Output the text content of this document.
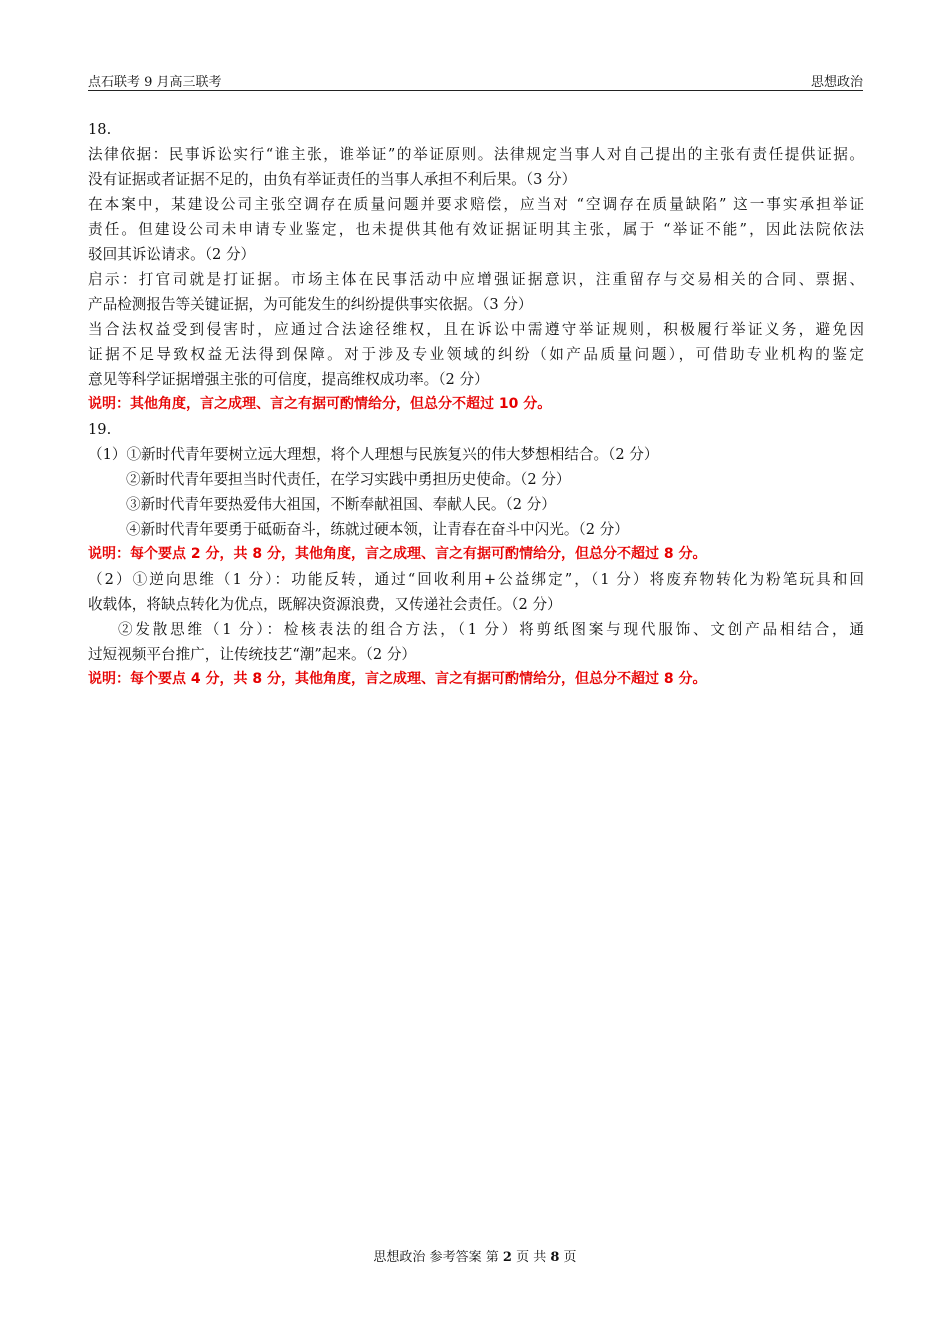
点石联考 9 月高三联考	思想政治
18.
法律依据：民事诉讼实行“谁主张，谁举证”的举证原则。法律规定当事人对自己提出的主张有责任提供证据。
没有证据或者证据不足的，由负有举证责任的当事人承担不利后果。（3 分）
在本案中，某建设公司主张空调存在质量问题并要求赔偿，应当对 “空调存在质量缺陷” 这一事实承担举证
责任。但建设公司未申请专业鉴定，也未提供其他有效证据证明其主张，属于 “举证不能”，因此法院依法
驳回其诉讼请求。（2 分）
启示：打官司就是打证据。市场主体在民事活动中应增强证据意识，注重留存与交易相关的合同、票据、
产品检测报告等关键证据，为可能发生的纠纷提供事实依据。（3 分）
当合法权益受到侵害时，应通过合法途径维权，且在诉讼中需遵守举证规则，积极履行举证义务，避免因
证据不足导致权益无法得到保障。对于涉及专业领域的纠纷（如产品质量问题），可借助专业机构的鉴定
意见等科学证据增强主张的可信度，提高维权成功率。（2 分）
说明：其他角度，言之成理、言之有据可酌情给分，但总分不超过 10 分。
19.
（1）①新时代青年要树立远大理想，将个人理想与民族复兴的伟大梦想相结合。（2 分）
②新时代青年要担当时代责任，在学习实践中勇担历史使命。（2 分）
③新时代青年要热爱伟大祖国，不断奉献祖国、奉献人民。（2 分）
④新时代青年要勇于砥砺奋斗，练就过硬本领，让青春在奋斗中闪光。（2 分）
说明：每个要点 2 分，共 8 分，其他角度，言之成理、言之有据可酌情给分，但总分不超过 8 分。
（2）①逆向思维（1 分）：功能反转，通过“回收利用+公益绑定”，（1 分）将废弃物转化为粉笔玩具和回
收载体，将缺点转化为优点，既解决资源浪费，又传递社会责任。（2 分）
②发散思维（1 分）：检核表法的组合方法，（1 分）将剪纸图案与现代服饰、文创产品相结合，通
过短视频平台推广，让传统技艺“潮”起来。（2 分）
说明：每个要点 4 分，共 8 分，其他角度，言之成理、言之有据可酌情给分，但总分不超过 8 分。
思想政治 参考答案 第 2 页 共 8 页
